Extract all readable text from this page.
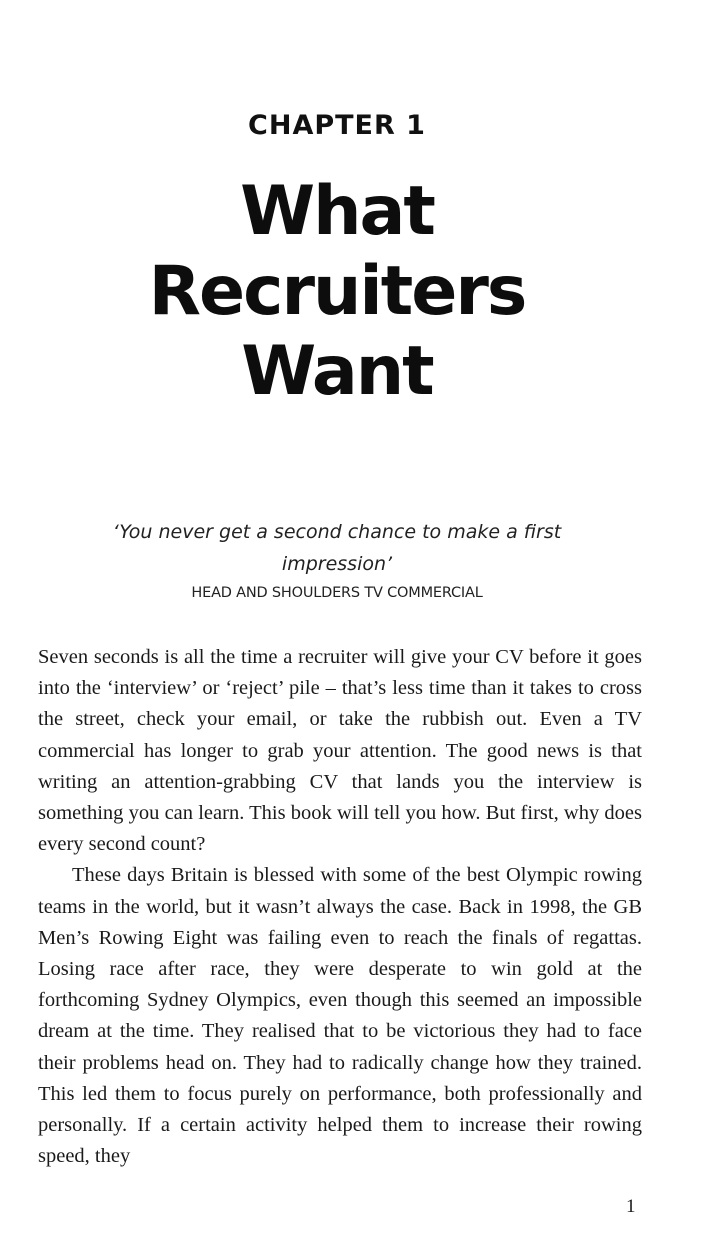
CHAPTER 1
What
Recruiters
Want
‘You never get a second chance to make a first impression’
HEAD AND SHOULDERS TV COMMERCIAL

Seven seconds is all the time a recruiter will give your CV before it goes into the ‘interview’ or ‘reject’ pile – that’s less time than it takes to cross the street, check your email, or take the rubbish out. Even a TV commercial has longer to grab your attention. The good news is that writing an attention-grabbing CV that lands you the interview is something you can learn. This book will tell you how. But first, why does every second count?

These days Britain is blessed with some of the best Olympic rowing teams in the world, but it wasn’t always the case. Back in 1998, the GB Men’s Rowing Eight was failing even to reach the finals of regattas. Losing race after race, they were desperate to win gold at the forthcoming Sydney Olympics, even though this seemed an impossible dream at the time. They realised that to be victorious they had to face their problems head on. They had to radically change how they trained. This led them to focus purely on performance, both professionally and personally. If a certain activity helped them to increase their rowing speed, they

1
